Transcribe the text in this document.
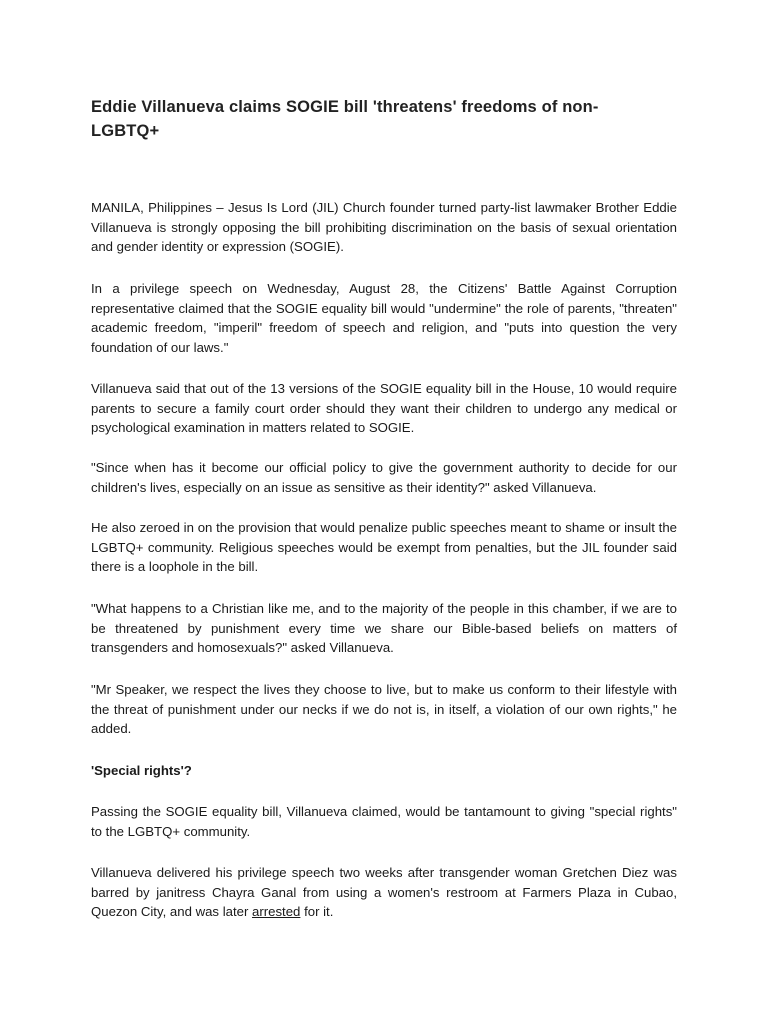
Eddie Villanueva claims SOGIE bill 'threatens' freedoms of non-LGBTQ+

MANILA, Philippines – Jesus Is Lord (JIL) Church founder turned party-list lawmaker Brother Eddie Villanueva is strongly opposing the bill prohibiting discrimination on the basis of sexual orientation and gender identity or expression (SOGIE).

In a privilege speech on Wednesday, August 28, the Citizens' Battle Against Corruption representative claimed that the SOGIE equality bill would "undermine" the role of parents, "threaten" academic freedom, "imperil" freedom of speech and religion, and "puts into question the very foundation of our laws."

Villanueva said that out of the 13 versions of the SOGIE equality bill in the House, 10 would require parents to secure a family court order should they want their children to undergo any medical or psychological examination in matters related to SOGIE.

"Since when has it become our official policy to give the government authority to decide for our children's lives, especially on an issue as sensitive as their identity?" asked Villanueva.

He also zeroed in on the provision that would penalize public speeches meant to shame or insult the LGBTQ+ community. Religious speeches would be exempt from penalties, but the JIL founder said there is a loophole in the bill.

"What happens to a Christian like me, and to the majority of the people in this chamber, if we are to be threatened by punishment every time we share our Bible-based beliefs on matters of transgenders and homosexuals?" asked Villanueva.

"Mr Speaker, we respect the lives they choose to live, but to make us conform to their lifestyle with the threat of punishment under our necks if we do not is, in itself, a violation of our own rights," he added.

'Special rights'?

Passing the SOGIE equality bill, Villanueva claimed, would be tantamount to giving "special rights" to the LGBTQ+ community.

Villanueva delivered his privilege speech two weeks after transgender woman Gretchen Diez was barred by janitress Chayra Ganal from using a women's restroom at Farmers Plaza in Cubao, Quezon City, and was later arrested for it.
